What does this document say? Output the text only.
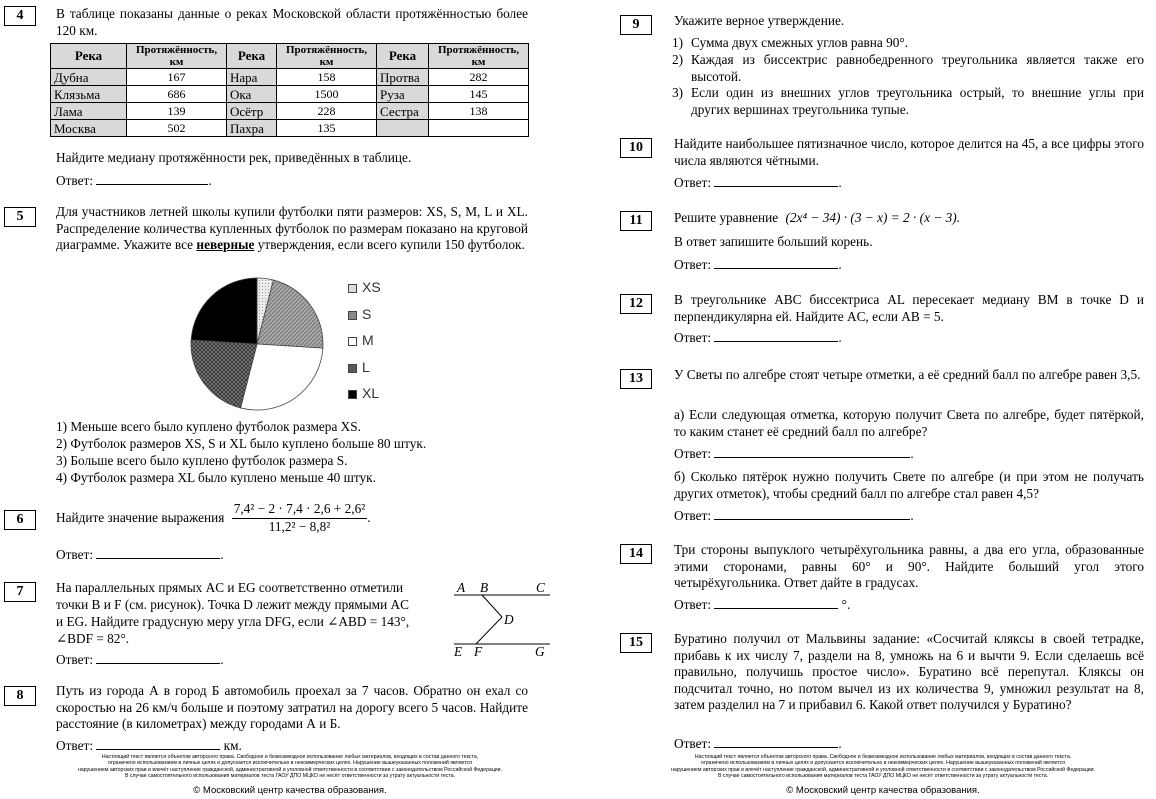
4	В таблице показаны данные о реках Московской области протяжённостью более 120 км.
Река	Протяжённость, км	Река	Протяжённость, км	Река	Протяжённость, км
Дубна	167	Нара	158	Протва	282
Клязьма	686	Ока	1500	Руза	145
Лама	139	Осётр	228	Сестра	138
Москва	502	Пахра	135		
Найдите медиану протяжённости рек, приведённых в таблице.
Ответ:	.
5	Для участников летней школы купили футболки пяти размеров: XS, S, M, L и XL. Распределение количества купленных футболок по размерам показано на круговой диаграмме. Укажите все неверные утверждения, если всего купили 150 футболок.
XS
S
M
L
XL
1) Меньше всего было куплено футболок размера XS.
2) Футболок размеров XS, S и XL было куплено больше 80 штук.
3) Больше всего было куплено футболок размера S.
4) Футболок размера XL было куплено меньше 40 штук.
6	Найдите значение выражения $\frac{\text{7,4² − 2 · 7,4 · 2,6 + 2,6²}}{\text{11,2² − 8,8²}}$ .
Ответ:	.
7	На параллельных прямых AC и EG соответственно отметили
точки B и F (см. рисунок). Точка D лежит между прямыми AC
и EG. Найдите градусную меру угла DFG, если ∠ABD = 143°,
∠BDF = 82°.
Ответ:	.
A B	C
D
E F	G
8	Путь из города А в город Б автомобиль проехал за 7 часов. Обратно он ехал со скоростью на 26 км/ч больше и поэтому затратил на дорогу всего 5 часов. Найдите расстояние (в километрах) между городами А и Б.
Ответ:	км.
Настоящий текст является объектом авторского права. Свободное и безвозмездное использование любых материалов, входящих в состав данного текста,
ограничено использованием в личных целях и допускается исключительно в некоммерческих целях. Нарушение вышеуказанных положений является
нарушением авторских прав и влечёт наступление гражданской, административной и уголовной ответственности в соответствии с законодательством Российской Федерации.
В случае самостоятельного использования материалов теста ГАОУ ДПО МЦКО не несёт ответственности за утрату актуальности теста.
© Московский центр качества образования.
9	Укажите верное утверждение.
1) Сумма двух смежных углов равна 90°.
2) Каждая из биссектрис равнобедренного треугольника является также его высотой.
3) Если один из внешних углов треугольника острый, то внешние углы при других вершинах треугольника тупые.
10	Найдите наибольшее пятизначное число, которое делится на 45, а все цифры этого числа являются чётными.
Ответ:	.
11	Решите уравнение (2x⁴ − 34) · (3 − x) = 2 · (x − 3).
В ответ запишите больший корень.
Ответ:	.
12	В треугольнике ABC биссектриса AL пересекает медиану BM в точке D и перпендикулярна ей. Найдите AC, если AB = 5.
Ответ:	.
13	У Светы по алгебре стоят четыре отметки, а её средний балл по алгебре равен 3,5.
а) Если следующая отметка, которую получит Света по алгебре, будет пятёркой, то каким станет её средний балл по алгебре?
Ответ:	.
б) Сколько пятёрок нужно получить Свете по алгебре (и при этом не получать других отметок), чтобы средний балл по алгебре стал равен 4,5?
Ответ:	.
14	Три стороны выпуклого четырёхугольника равны, а два его угла, образованные этими сторонами, равны 60° и 90°. Найдите больший угол этого четырёхугольника. Ответ дайте в градусах.
Ответ:	°.
15	Буратино получил от Мальвины задание: «Сосчитай кляксы в своей тетрадке, прибавь к их числу 7, раздели на 8, умножь на 6 и вычти 9. Если сделаешь всё правильно, получишь простое число». Буратино всё перепутал. Кляксы он подсчитал точно, но потом вычел из их количества 9, умножил результат на 8, затем разделил на 7 и прибавил 6. Какой ответ получился у Буратино?
Ответ:	.
Настоящий текст является объектом авторского права. Свободное и безвозмездное использование любых материалов, входящих в состав данного текста,
ограничено использованием в личных целях и допускается исключительно в некоммерческих целях. Нарушение вышеуказанных положений является
нарушением авторских прав и влечёт наступление гражданской, административной и уголовной ответственности в соответствии с законодательством Российской Федерации.
В случае самостоятельного использования материалов теста ГАОУ ДПО МЦКО не несёт ответственности за утрату актуальности теста.
© Московский центр качества образования.
